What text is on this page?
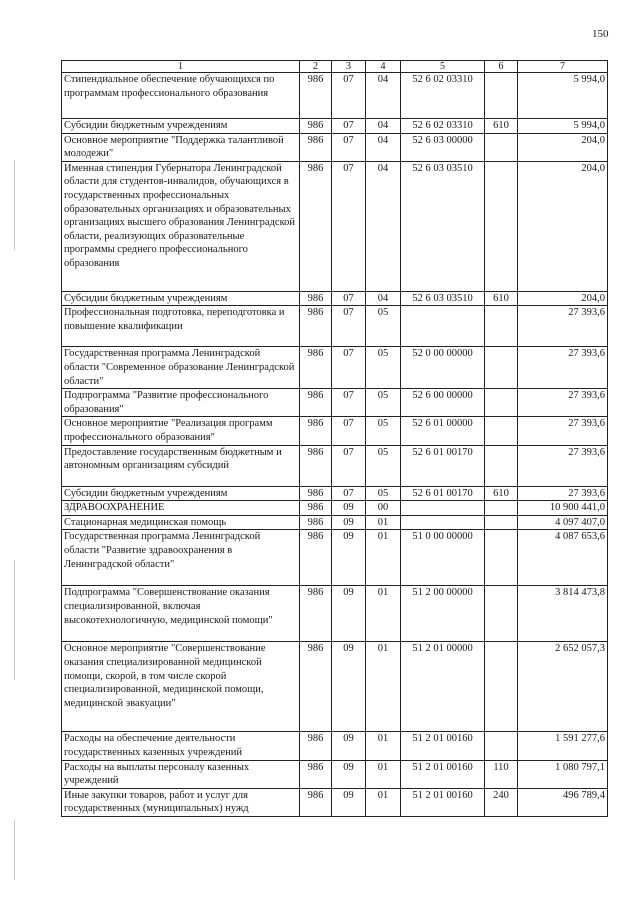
150
1	2	3	4	5	6	7
Стипендиальное обеспечение обучающихся по программам профессионального образования	986	07	04	52 6 02 03310		5 994,0
Субсидии бюджетным учреждениям	986	07	04	52 6 02 03310	610	5 994,0
Основное мероприятие "Поддержка талантливой молодежи"	986	07	04	52 6 03 00000		204,0
Именная стипендия Губернатора Ленинградской области для студентов-инвалидов, обучающихся в государственных профессиональных образовательных организациях и образовательных организациях высшего образования Ленинградской области, реализующих образовательные программы среднего профессионального образования	986	07	04	52 6 03 03510		204,0
Субсидии бюджетным учреждениям	986	07	04	52 6 03 03510	610	204,0
Профессиональная подготовка, переподготовка и повышение квалификации	986	07	05			27 393,6
Государственная программа Ленинградской области "Современное образование Ленинградской области"	986	07	05	52 0 00 00000		27 393,6
Подпрограмма "Развитие профессионального образования"	986	07	05	52 6 00 00000		27 393,6
Основное мероприятие "Реализация программ профессионального образования"	986	07	05	52 6 01 00000		27 393,6
Предоставление государственным бюджетным и автономным организациям субсидий	986	07	05	52 6 01 00170		27 393,6
Субсидии бюджетным учреждениям	986	07	05	52 6 01 00170	610	27 393,6
ЗДРАВООХРАНЕНИЕ	986	09	00			10 900 441,0
Стационарная медицинская помощь	986	09	01			4 097 407,0
Государственная программа Ленинградской области "Развитие здравоохранения в Ленинградской области"	986	09	01	51 0 00 00000		4 087 653,6
Подпрограмма "Совершенствование оказания специализированной, включая высокотехнологичную, медицинской помощи"	986	09	01	51 2 00 00000		3 814 473,8
Основное мероприятие "Совершенствование оказания специализированной медицинской помощи, скорой, в том числе скорой специализированной, медицинской помощи, медицинской эвакуации"	986	09	01	51 2 01 00000		2 652 057,3
Расходы на обеспечение деятельности государственных казенных учреждений	986	09	01	51 2 01 00160		1 591 277,6
Расходы на выплаты персоналу казенных учреждений	986	09	01	51 2 01 00160	110	1 080 797,1
Иные закупки товаров, работ и услуг для государственных (муниципальных) нужд	986	09	01	51 2 01 00160	240	496 789,4
